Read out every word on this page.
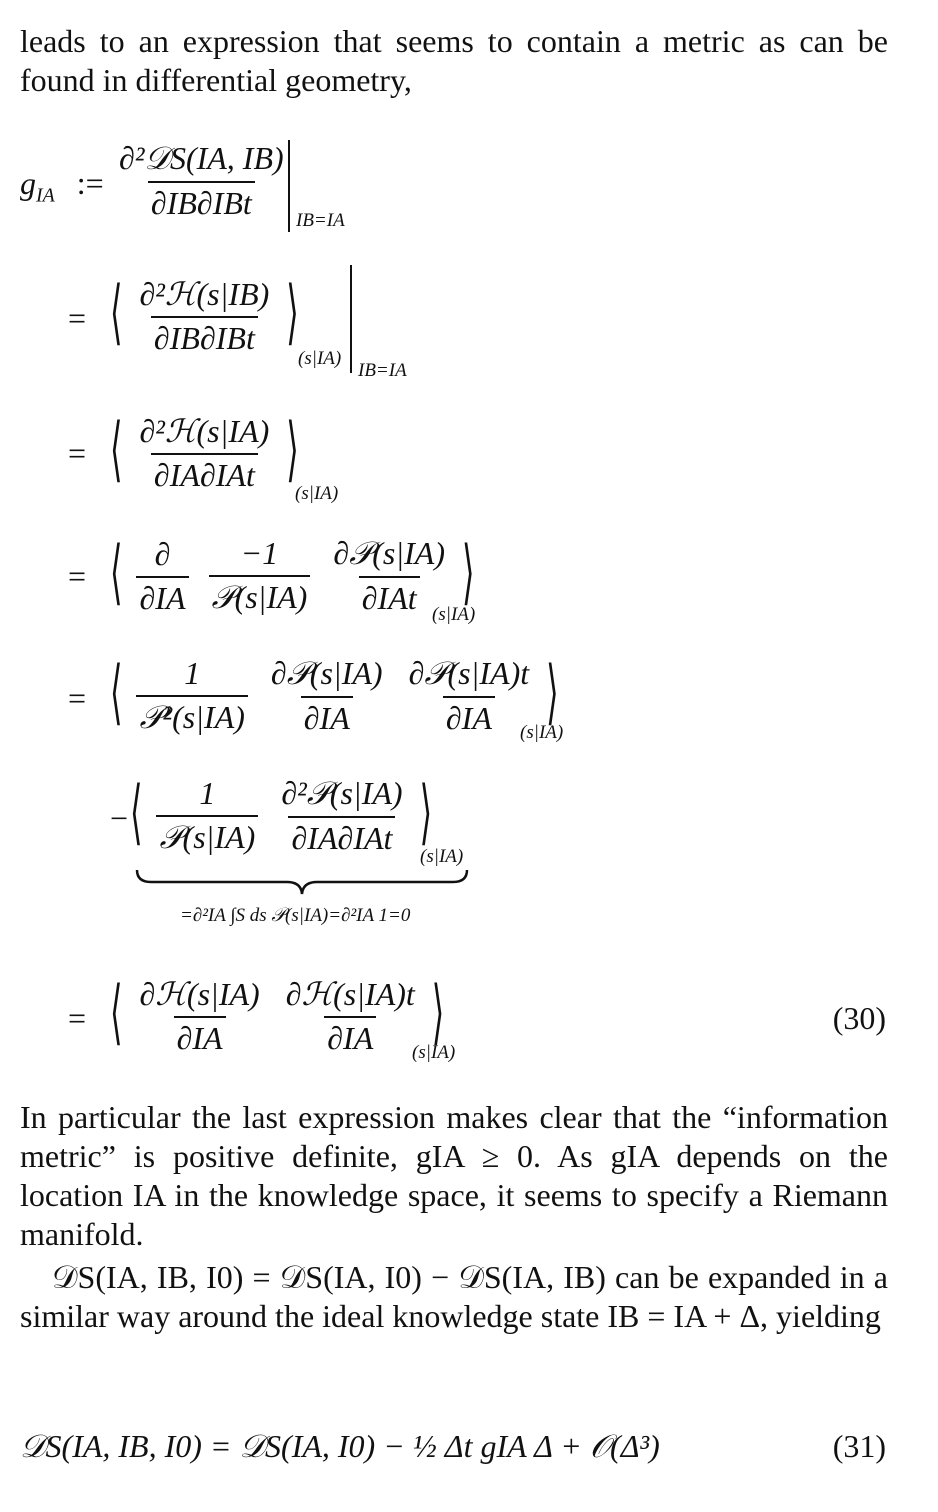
leads to an expression that seems to contain a metric as can be found in differential geometry,

$g_{IA}$ := $\frac{\text{∂²𝒟S(IA, IB)}}{\text{∂IB∂IBt}} IB=IA$
= ⟨ $\frac{\text{∂²ℋ(s|IB)}}{\text{∂IB∂IBt}}$ ⟩
(s|IA)
IB=IA
= ⟨ $\frac{\text{∂²ℋ(s|IA)}}{\text{∂IA∂IAt}}$ ⟩
(s|IA)
= ⟨ $\frac{\partial}{\partial IA}$
$\frac{-1}{\text{𝒫(s|IA)}}$
$\frac{\text{∂𝒫(s|IA)}}{\text{∂IAt}}$ ⟩
(s|IA)
= ⟨ $\frac{1}{\text{𝒫²(s|IA)}}$
$\frac{\text{∂𝒫(s|IA)}}{\partial IA}$
$\frac{\text{∂𝒫(s|IA)t}}{\partial IA}$ ⟩
(s|IA)
− ⟨ $\frac{1}{\text{𝒫(s|IA)}}$
$\frac{\text{∂²𝒫(s|IA)}}{\text{∂IA∂IAt}}$ ⟩
(s|IA)
=∂²IA ∫S ds 𝒫(s|IA)=∂²IA 1=0
= ⟨ $\frac{\text{∂ℋ(s|IA)}}{\partial IA}$
$\frac{\text{∂ℋ(s|IA)t}}{\partial IA}$ ⟩
(s|IA)
(30)

In particular the last expression makes clear that the “information metric” is positive definite, gIA ≥ 0. As gIA depends on the location IA in the knowledge space, it seems to specify a Riemann manifold.

𝒟S(IA, IB, I0) = 𝒟S(IA, I0) − 𝒟S(IA, IB) can be expanded in a similar way around the ideal knowledge state IB = IA + Δ, yielding

𝒟S(IA, IB, I0) = 𝒟S(IA, I0) − ½ Δt gIA Δ + 𝒪(Δ³)	(31)
